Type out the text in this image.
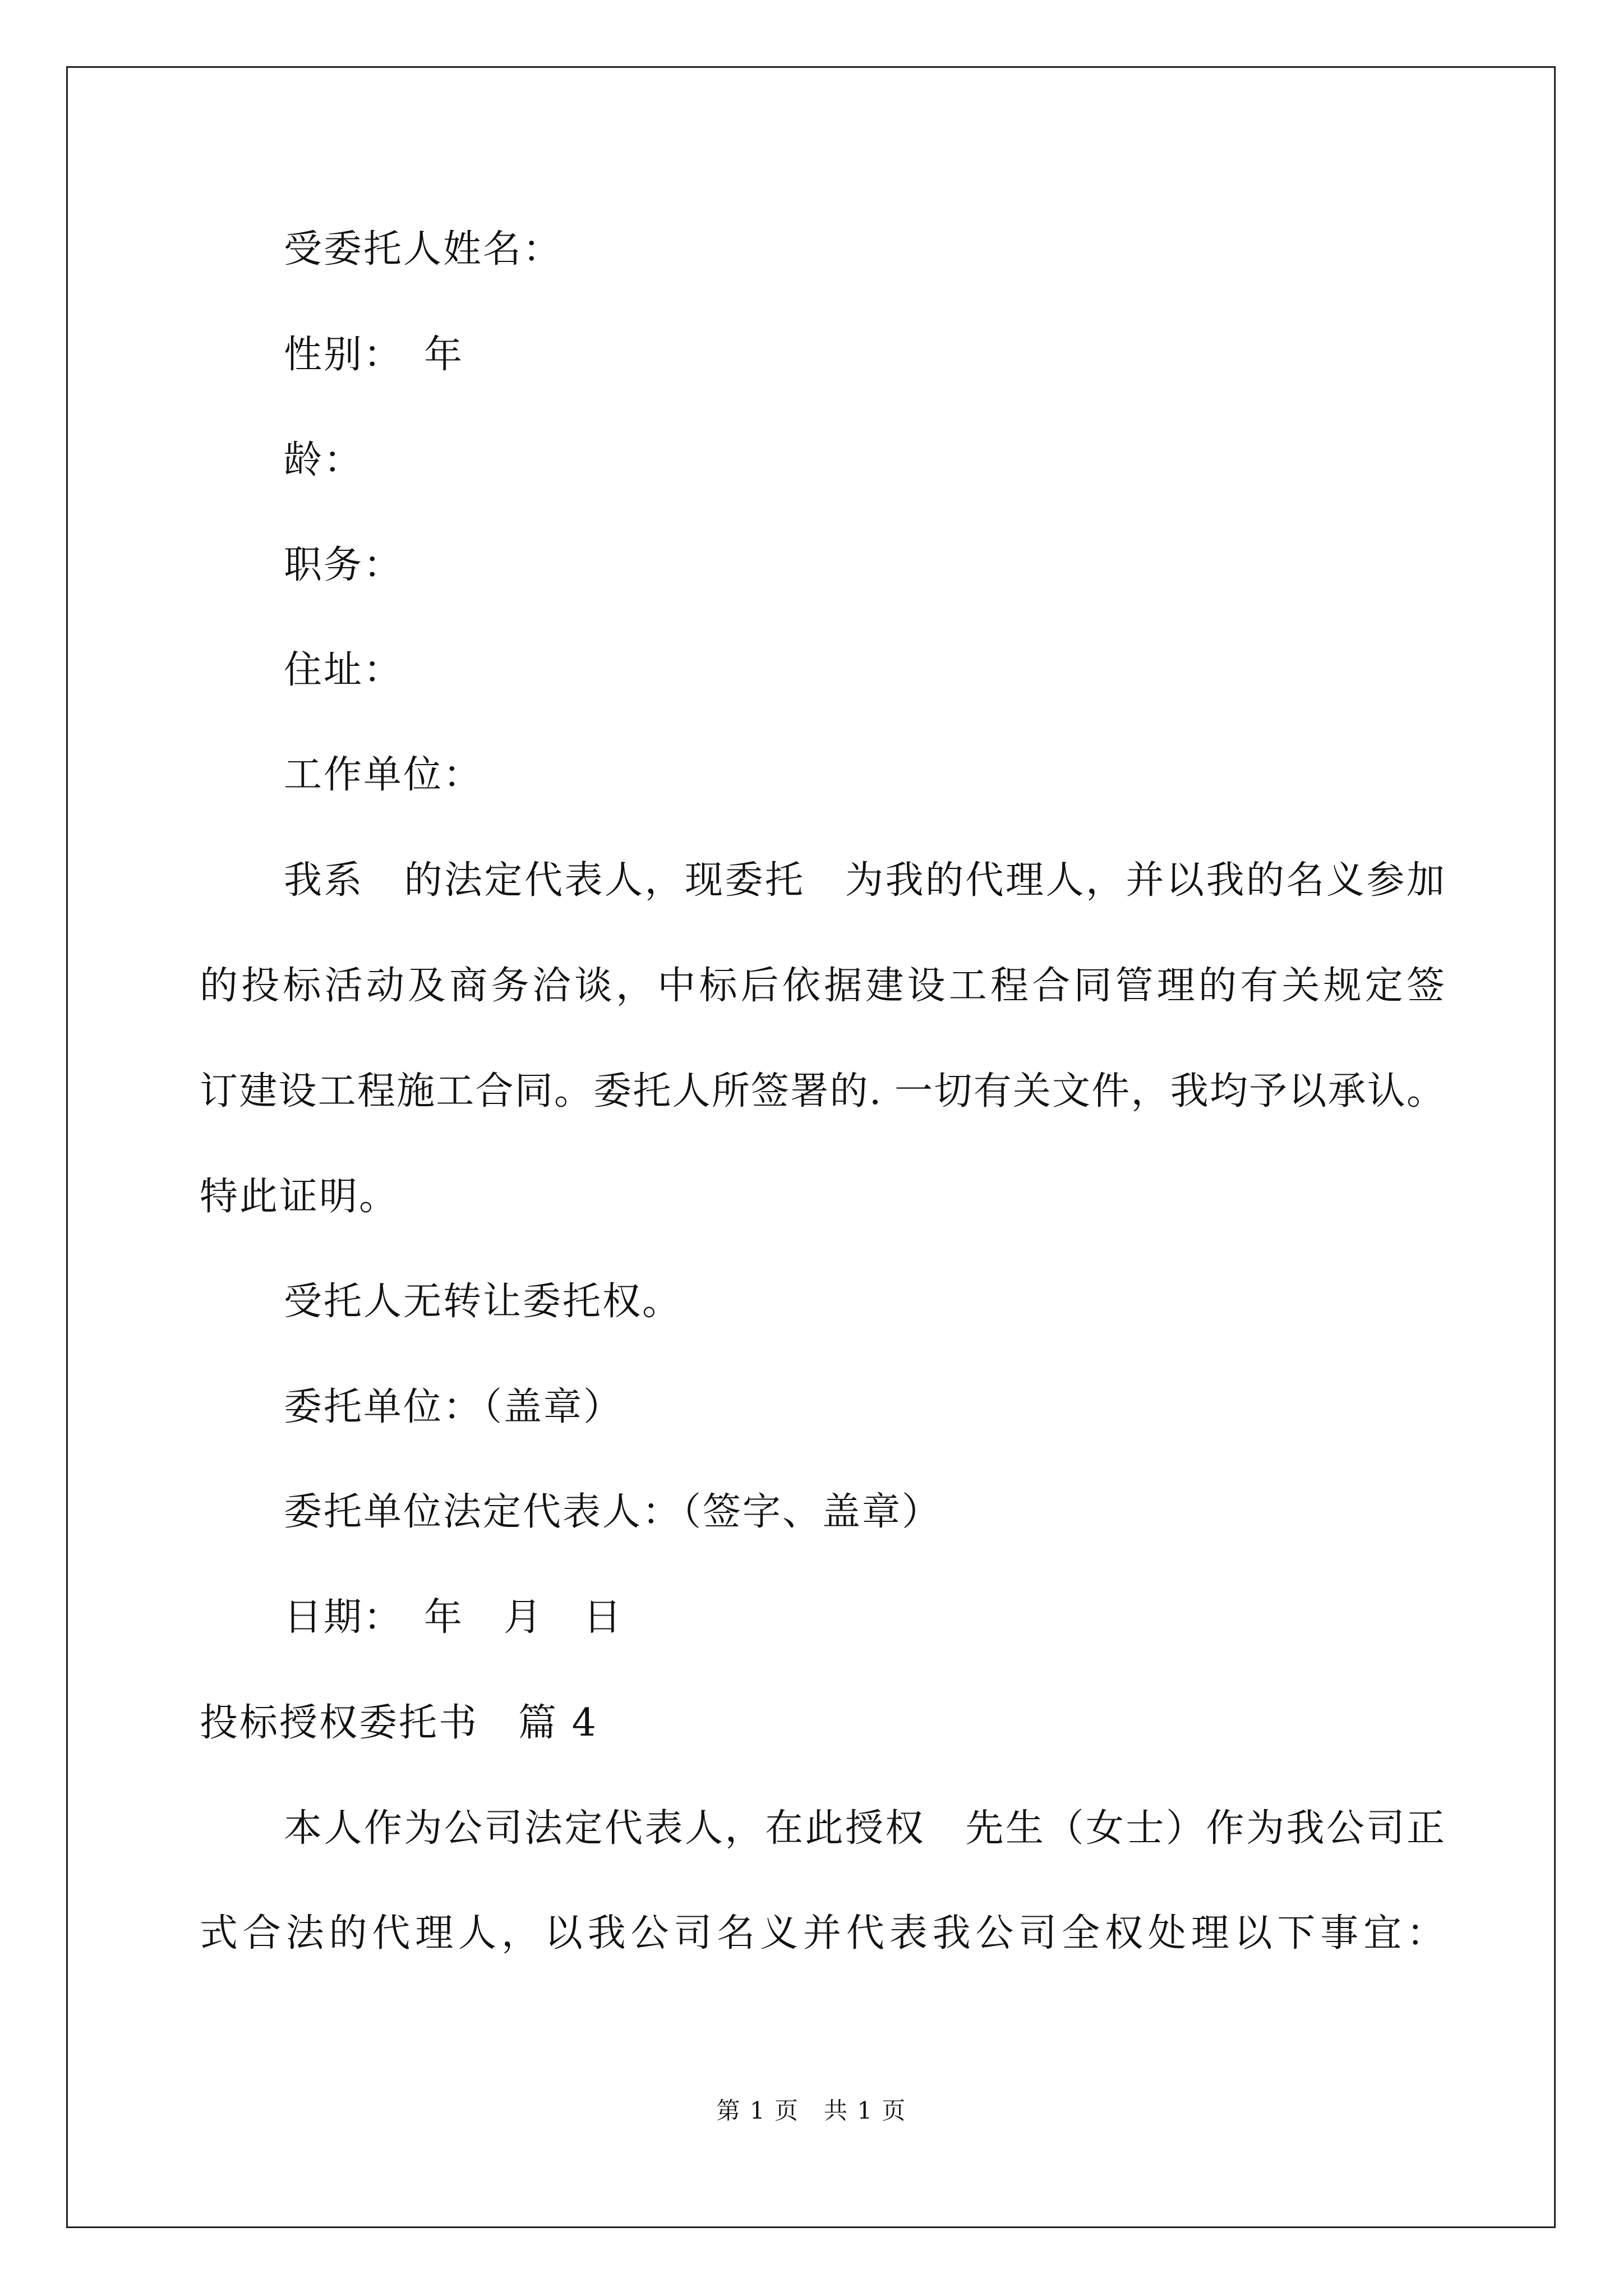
受委托人姓名：
性别：　年
龄：
职务：
住址：
工作单位：
我系　的法定代表人，现委托　为我的代理人，并以我的名义参加
的投标活动及商务洽谈，中标后依据建设工程合同管理的有关规定签
订建设工程施工合同。委托人所签署的. 一切有关文件，我均予以承认。
特此证明。
受托人无转让委托权。
委托单位：（盖章）
委托单位法定代表人：（签字、盖章）
日期：　年　月　日
投标授权委托书　篇 4
本人作为公司法定代表人，在此授权　先生（女士）作为我公司正
式合法的代理人，以我公司名义并代表我公司全权处理以下事宜：
第 1 页　共 1 页
